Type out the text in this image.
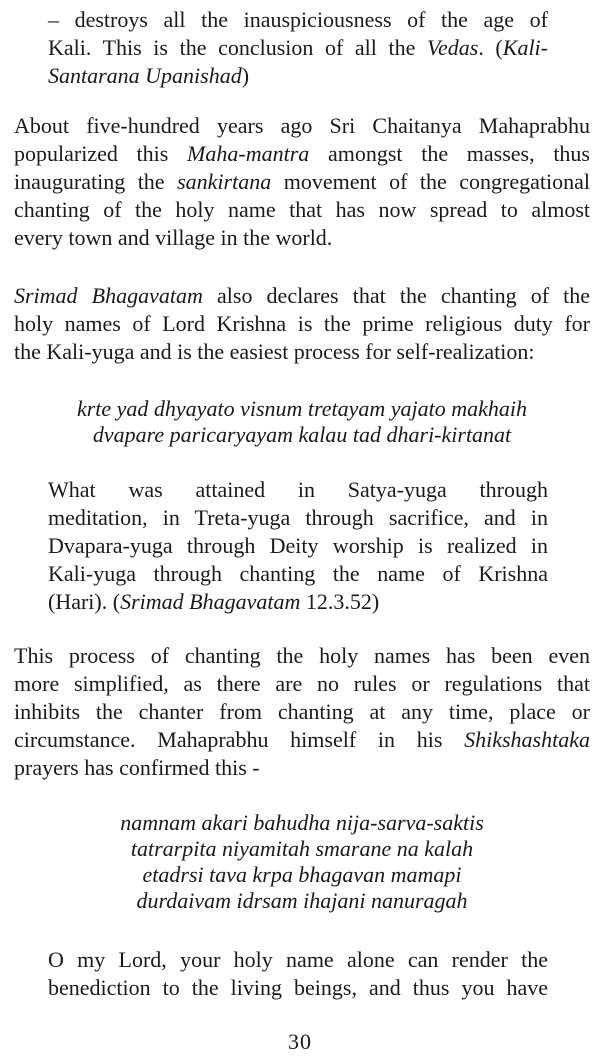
– destroys all the inauspiciousness of the age of
Kali. This is the conclusion of all the Vedas. (Kali-
Santarana Upanishad)
About five-hundred years ago Sri Chaitanya Mahaprabhu
popularized this Maha-mantra amongst the masses, thus
inaugurating the sankirtana movement of the congregational
chanting of the holy name that has now spread to almost
every town and village in the world.
Srimad Bhagavatam also declares that the chanting of the
holy names of Lord Krishna is the prime religious duty for
the Kali-yuga and is the easiest process for self-realization:
krte yad dhyayato visnum tretayam yajato makhaih
dvapare paricaryayam kalau tad dhari-kirtanat
What was attained in Satya-yuga through
meditation, in Treta-yuga through sacrifice, and in
Dvapara-yuga through Deity worship is realized in
Kali-yuga through chanting the name of Krishna
(Hari). (Srimad Bhagavatam 12.3.52)
This process of chanting the holy names has been even
more simplified, as there are no rules or regulations that
inhibits the chanter from chanting at any time, place or
circumstance. Mahaprabhu himself in his Shikshashtaka
prayers has confirmed this -
namnam akari bahudha nija-sarva-saktis
tatrarpita niyamitah smarane na kalah
etadrsi tava krpa bhagavan mamapi
durdaivam idrsam ihajani nanuragah
O my Lord, your holy name alone can render the
benediction to the living beings, and thus you have
30
